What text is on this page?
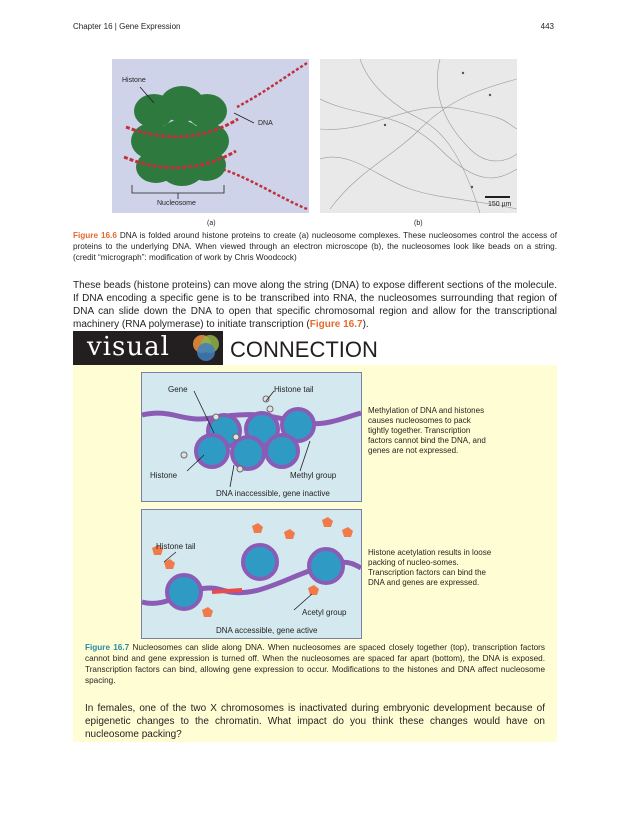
Chapter 16 | Gene Expression	443
Histone
DNA
Nucleosome	150 µm
(a)	(b)
Figure 16.6 DNA is folded around histone proteins to create (a) nucleosome complexes. These nucleosomes control the access of proteins to the underlying DNA. When viewed through an electron microscope (b), the nucleosomes look like beads on a string. (credit “micrograph”: modification of work by Chris Woodcock)
These beads (histone proteins) can move along the string (DNA) to expose different sections of the molecule. If DNA encoding a specific gene is to be transcribed into RNA, the nucleosomes surrounding that region of DNA can slide down the DNA to open that specific chromosomal region and allow for the transcriptional machinery (RNA polymerase) to initiate transcription (Figure 16.7).
visual	CONNECTION
Gene	Histone tail
Histone	Methyl group
DNA inaccessible, gene inactive
Methylation of DNA and histones causes nucleosomes to pack tightly together. Transcription factors cannot bind the DNA, and genes are not expressed.
Histone tail
Acetyl group
DNA accessible, gene active
Histone acetylation results in loose packing of nucleo-somes. Transcription factors can bind the DNA and genes are expressed.
Figure 16.7 Nucleosomes can slide along DNA. When nucleosomes are spaced closely together (top), transcription factors cannot bind and gene expression is turned off. When the nucleosomes are spaced far apart (bottom), the DNA is exposed. Transcription factors can bind, allowing gene expression to occur. Modifications to the histones and DNA affect nucleosome spacing.
In females, one of the two X chromosomes is inactivated during embryonic development because of epigenetic changes to the chromatin. What impact do you think these changes would have on nucleosome packing?
